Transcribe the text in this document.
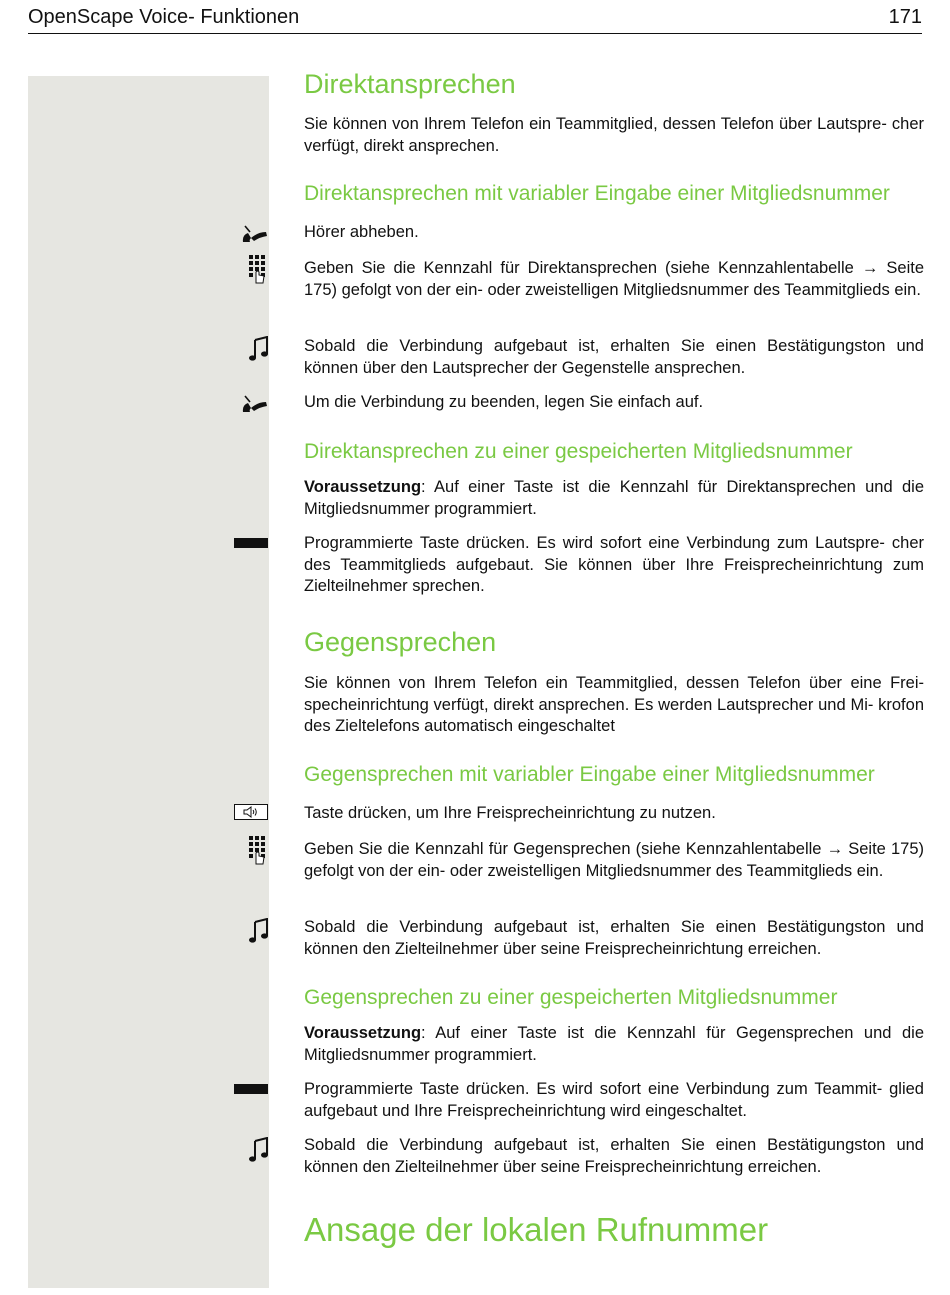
OpenScape Voice- Funktionen	171
Direktansprechen
Sie können von Ihrem Telefon ein Teammitglied, dessen Telefon über Lautspre- cher verfügt, direkt ansprechen.
Direktansprechen mit variabler Eingabe einer Mitgliedsnummer
Hörer abheben.
Geben Sie die Kennzahl für Direktansprechen (siehe Kennzahlentabelle → Seite 175) gefolgt von der ein- oder zweistelligen Mitgliedsnummer des Teammitglieds ein.
Sobald die Verbindung aufgebaut ist, erhalten Sie einen Bestätigungston und können über den Lautsprecher der Gegenstelle ansprechen.
Um die Verbindung zu beenden, legen Sie einfach auf.
Direktansprechen zu einer gespeicherten Mitgliedsnummer
Voraussetzung: Auf einer Taste ist die Kennzahl für Direktansprechen und die Mitgliedsnummer programmiert.
Programmierte Taste drücken. Es wird sofort eine Verbindung zum Lautspre- cher des Teammitglieds aufgebaut. Sie können über Ihre Freisprecheinrichtung zum Zielteilnehmer sprechen.
Gegensprechen
Sie können von Ihrem Telefon ein Teammitglied, dessen Telefon über eine Frei- specheinrichtung verfügt, direkt ansprechen. Es werden Lautsprecher und Mi- krofon des Zieltelefons automatisch eingeschaltet
Gegensprechen mit variabler Eingabe einer Mitgliedsnummer
Taste drücken, um Ihre Freisprecheinrichtung zu nutzen.
Geben Sie die Kennzahl für Gegensprechen (siehe Kennzahlentabelle → Seite 175) gefolgt von der ein- oder zweistelligen Mitgliedsnummer des Teammitglieds ein.
Sobald die Verbindung aufgebaut ist, erhalten Sie einen Bestätigungston und können den Zielteilnehmer über seine Freisprecheinrichtung erreichen.
Gegensprechen zu einer gespeicherten Mitgliedsnummer
Voraussetzung: Auf einer Taste ist die Kennzahl für Gegensprechen und die Mitgliedsnummer programmiert.
Programmierte Taste drücken. Es wird sofort eine Verbindung zum Teammit- glied aufgebaut und Ihre Freisprecheinrichtung wird eingeschaltet.
Sobald die Verbindung aufgebaut ist, erhalten Sie einen Bestätigungston und können den Zielteilnehmer über seine Freisprecheinrichtung erreichen.
Ansage der lokalen Rufnummer
